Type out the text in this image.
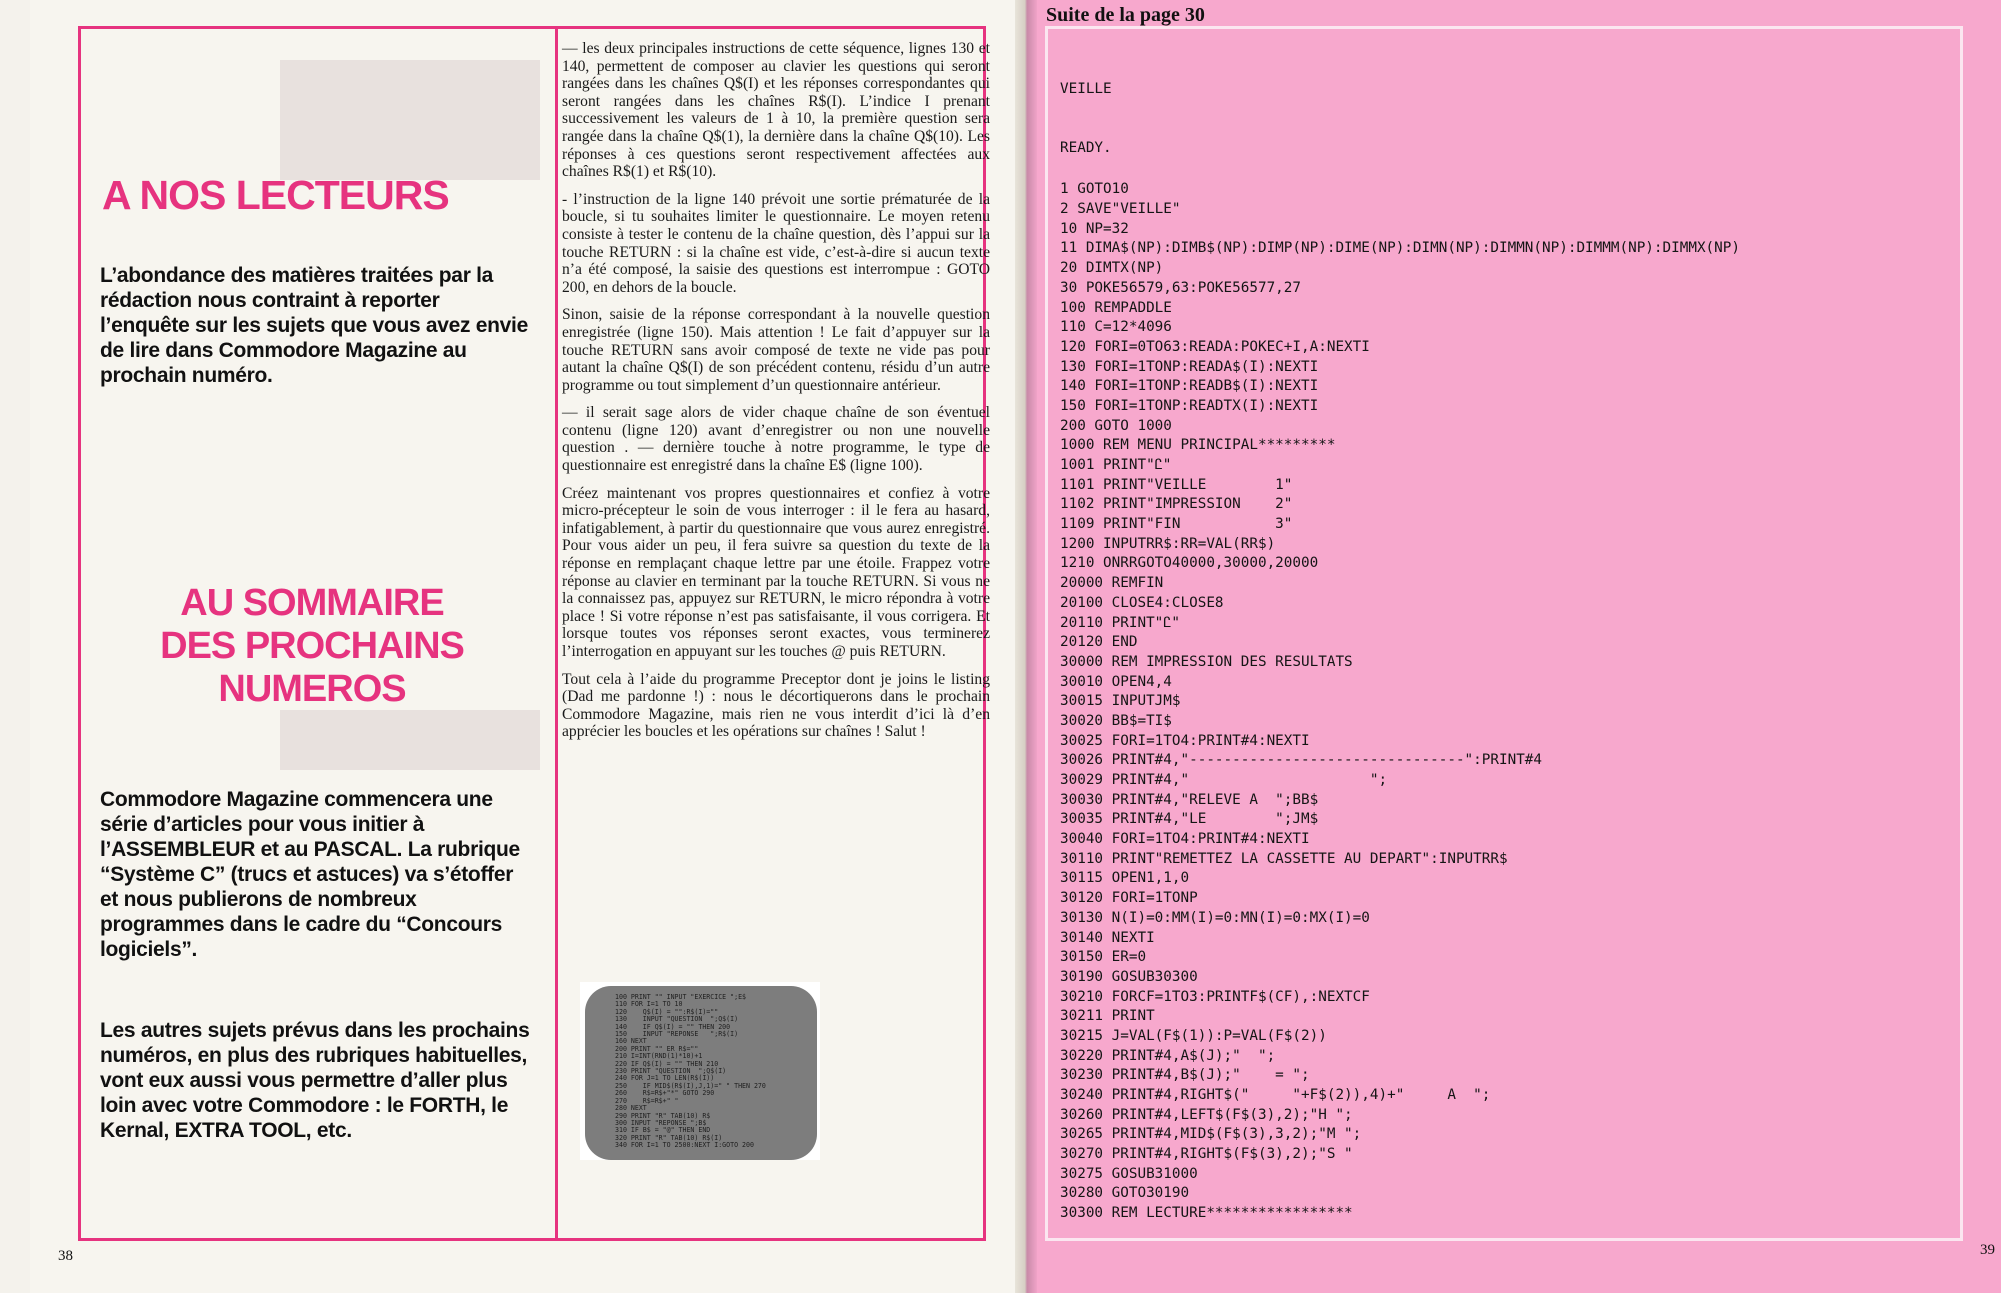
A NOS LECTEURS
L’abondance des matières traitées par la rédaction nous contraint à reporter l’enquête sur les sujets que vous avez envie de lire dans Commodore Magazine au prochain numéro.
AU SOMMAIRE
DES PROCHAINS
NUMEROS
Commodore Magazine commencera une série d’articles pour vous initier à l’ASSEMBLEUR et au PASCAL. La rubrique “Système C” (trucs et astuces) va s’étoffer et nous publierons de nombreux programmes dans le cadre du “Concours logiciels”.
Les autres sujets prévus dans les prochains numéros, en plus des rubriques habituelles, vont eux aussi vous permettre d’aller plus loin avec votre Commodore : le FORTH, le Kernal, EXTRA TOOL, etc.

— les deux principales instructions de cette séquence, lignes 130 et 140, permettent de composer au clavier les questions qui seront rangées dans les chaînes Q$(I) et les réponses correspondantes qui seront rangées dans les chaînes R$(I). L’indice I prenant successivement les valeurs de 1 à 10, la première question sera rangée dans la chaîne Q$(1), la dernière dans la chaîne Q$(10). Les réponses à ces questions seront respectivement affectées aux chaînes R$(1) et R$(10).

- l’instruction de la ligne 140 prévoit une sortie prématurée de la boucle, si tu souhaites limiter le questionnaire. Le moyen retenu consiste à tester le contenu de la chaîne question, dès l’appui sur la touche RETURN : si la chaîne est vide, c’est-à-dire si aucun texte n’a été composé, la saisie des questions est interrompue : GOTO 200, en dehors de la boucle.

Sinon, saisie de la réponse correspondant à la nouvelle question enregistrée (ligne 150). Mais attention ! Le fait d’appuyer sur la touche RETURN sans avoir composé de texte ne vide pas pour autant la chaîne Q$(I) de son précédent contenu, résidu d’un autre programme ou tout simplement d’un questionnaire antérieur.

— il serait sage alors de vider chaque chaîne de son éventuel contenu (ligne 120) avant d’enregistrer ou non une nouvelle question . — dernière touche à notre programme, le type de questionnaire est enregistré dans la chaîne E$ (ligne 100).

Créez maintenant vos propres questionnaires et confiez à votre micro-précepteur le soin de vous interroger : il le fera au hasard, infatigablement, à partir du questionnaire que vous aurez enregistré. Pour vous aider un peu, il fera suivre sa question du texte de la réponse en remplaçant chaque lettre par une étoile. Frappez votre réponse au clavier en terminant par la touche RETURN. Si vous ne la connaissez pas, appuyez sur RETURN, le micro répondra à votre place ! Si votre réponse n’est pas satisfaisante, il vous corrigera. Et lorsque toutes vos réponses seront exactes, vous terminerez l’interrogation en appuyant sur les touches @ puis RETURN.

Tout cela à l’aide du programme Preceptor dont je joins le listing (Dad me pardonne !) : nous le décortiquerons dans le prochain Commodore Magazine, mais rien ne vous interdit d’ici là d’en apprécier les boucles et les opérations sur chaînes ! Salut !

100 PRINT "" INPUT "EXERCICE ";E$
110 FOR I=1 TO 10
120    Q$(I) = "":R$(I)=""
130    INPUT "QUESTION  ";Q$(I)
140    IF Q$(I) = "" THEN 200
150    INPUT "REPONSE   ";R$(I)
160 NEXT
200 PRINT "" ER R$=""
210 I=INT(RND(1)*10)+1
220 IF Q$(I) = "" THEN 210
230 PRINT "QUESTION  ";Q$(I)
240 FOR J=1 TO LEN(R$(I))
250    IF MID$(R$(I),J,1)=" " THEN 270
260    R$=R$+"*" GOTO 290
270    R$=R$+" "
280 NEXT
290 PRINT "R" TAB(10) R$
300 INPUT "REPONSE ";B$
310 IF B$ = "@" THEN END
320 PRINT "R" TAB(10) R$(I)
340 FOR I=1 TO 2500:NEXT I:GOTO 200
38
Suite de la page 30
VEILLE
READY.
1 GOTO10
2 SAVE"VEILLE"
10 NP=32
11 DIMA$(NP):DIMB$(NP):DIMP(NP):DIME(NP):DIMN(NP):DIMMN(NP):DIMMM(NP):DIMMX(NP)
20 DIMTX(NP)
30 POKE56579,63:POKE56577,27
100 REMPADDLE
110 C=12*4096
120 FORI=0TO63:READA:POKEC+I,A:NEXTI
130 FORI=1TONP:READA$(I):NEXTI
140 FORI=1TONP:READB$(I):NEXTI
150 FORI=1TONP:READTX(I):NEXTI
200 GOTO 1000
1000 REM MENU PRINCIPAL*********
1001 PRINT"Ꮭ"
1101 PRINT"VEILLE        1"
1102 PRINT"IMPRESSION    2"
1109 PRINT"FIN           3"
1200 INPUTRR$:RR=VAL(RR$)
1210 ONRRGOTO40000,30000,20000
20000 REMFIN
20100 CLOSE4:CLOSE8
20110 PRINT"Ꮭ"
20120 END
30000 REM IMPRESSION DES RESULTATS
30010 OPEN4,4
30015 INPUTJM$
30020 BB$=TI$
30025 FORI=1TO4:PRINT#4:NEXTI
30026 PRINT#4,"--------------------------------":PRINT#4
30029 PRINT#4,"                     ";
30030 PRINT#4,"RELEVE A  ";BB$
30035 PRINT#4,"LE        ";JM$
30040 FORI=1TO4:PRINT#4:NEXTI
30110 PRINT"REMETTEZ LA CASSETTE AU DEPART":INPUTRR$
30115 OPEN1,1,0
30120 FORI=1TONP
30130 N(I)=0:MM(I)=0:MN(I)=0:MX(I)=0
30140 NEXTI
30150 ER=0
30190 GOSUB30300
30210 FORCF=1TO3:PRINTF$(CF),:NEXTCF
30211 PRINT
30215 J=VAL(F$(1)):P=VAL(F$(2))
30220 PRINT#4,A$(J);"  ";
30230 PRINT#4,B$(J);"    = ";
30240 PRINT#4,RIGHT$("     "+F$(2)),4)+"     A  ";
30260 PRINT#4,LEFT$(F$(3),2);"H ";
30265 PRINT#4,MID$(F$(3),3,2);"M ";
30270 PRINT#4,RIGHT$(F$(3),2);"S "
30275 GOSUB31000
30280 GOTO30190
30300 REM LECTURE*****************
39
